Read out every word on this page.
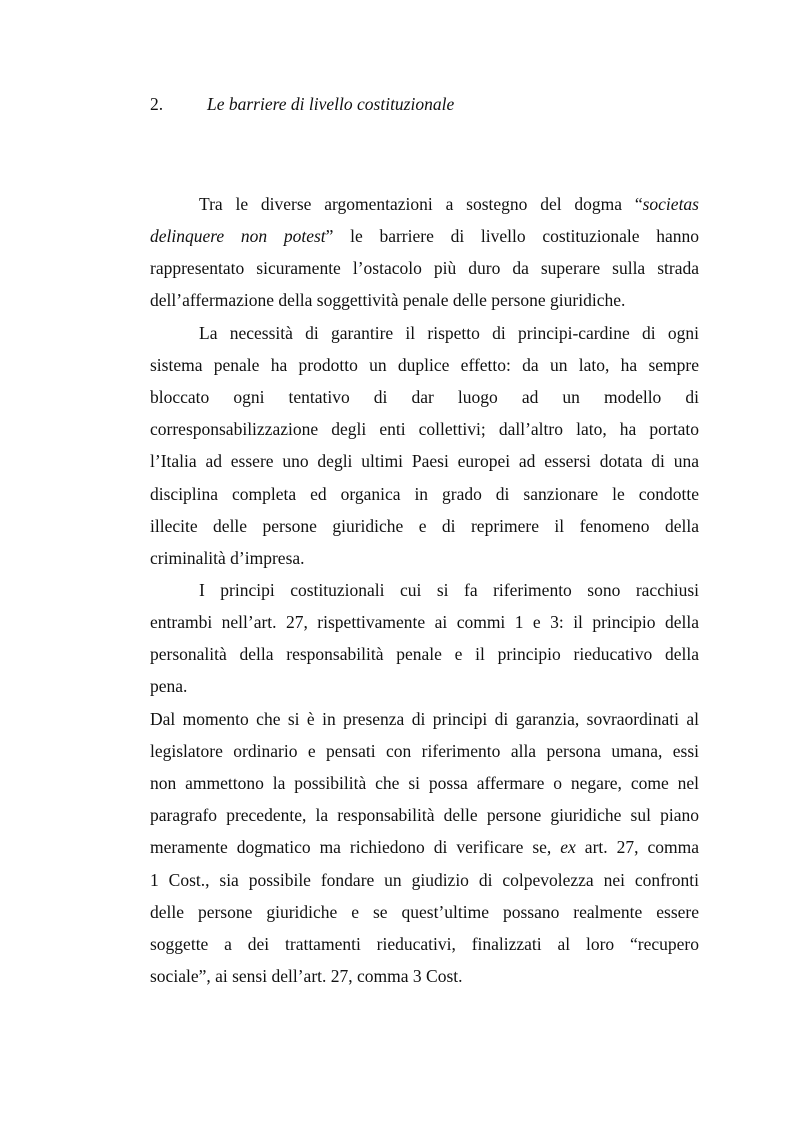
2.	Le barriere di livello costituzionale
Tra le diverse argomentazioni a sostegno del dogma “societas
delinquere non potest” le barriere di livello costituzionale hanno
rappresentato sicuramente l’ostacolo più duro da superare sulla strada
dell’affermazione della soggettività penale delle persone giuridiche.
La necessità di garantire il rispetto di principi-cardine di ogni
sistema penale ha prodotto un duplice effetto: da un lato, ha sempre
bloccato ogni tentativo di dar luogo ad un modello di
corresponsabilizzazione degli enti collettivi; dall’altro lato, ha portato
l’Italia ad essere uno degli ultimi Paesi europei ad essersi dotata di una
disciplina completa ed organica in grado di sanzionare le condotte
illecite delle persone giuridiche e di reprimere il fenomeno della
criminalità d’impresa.
I principi costituzionali cui si fa riferimento sono racchiusi
entrambi nell’art. 27, rispettivamente ai commi 1 e 3: il principio della
personalità della responsabilità penale e il principio rieducativo della
pena.
Dal momento che si è in presenza di principi di garanzia, sovraordinati al
legislatore ordinario e pensati con riferimento alla persona umana, essi
non ammettono la possibilità che si possa affermare o negare, come nel
paragrafo precedente, la responsabilità delle persone giuridiche sul piano
meramente dogmatico ma richiedono di verificare se, ex art. 27, comma
1 Cost., sia possibile fondare un giudizio di colpevolezza nei confronti
delle persone giuridiche e se quest’ultime possano realmente essere
soggette a dei trattamenti rieducativi, finalizzati al loro “recupero
sociale”, ai sensi dell’art. 27, comma 3 Cost.
